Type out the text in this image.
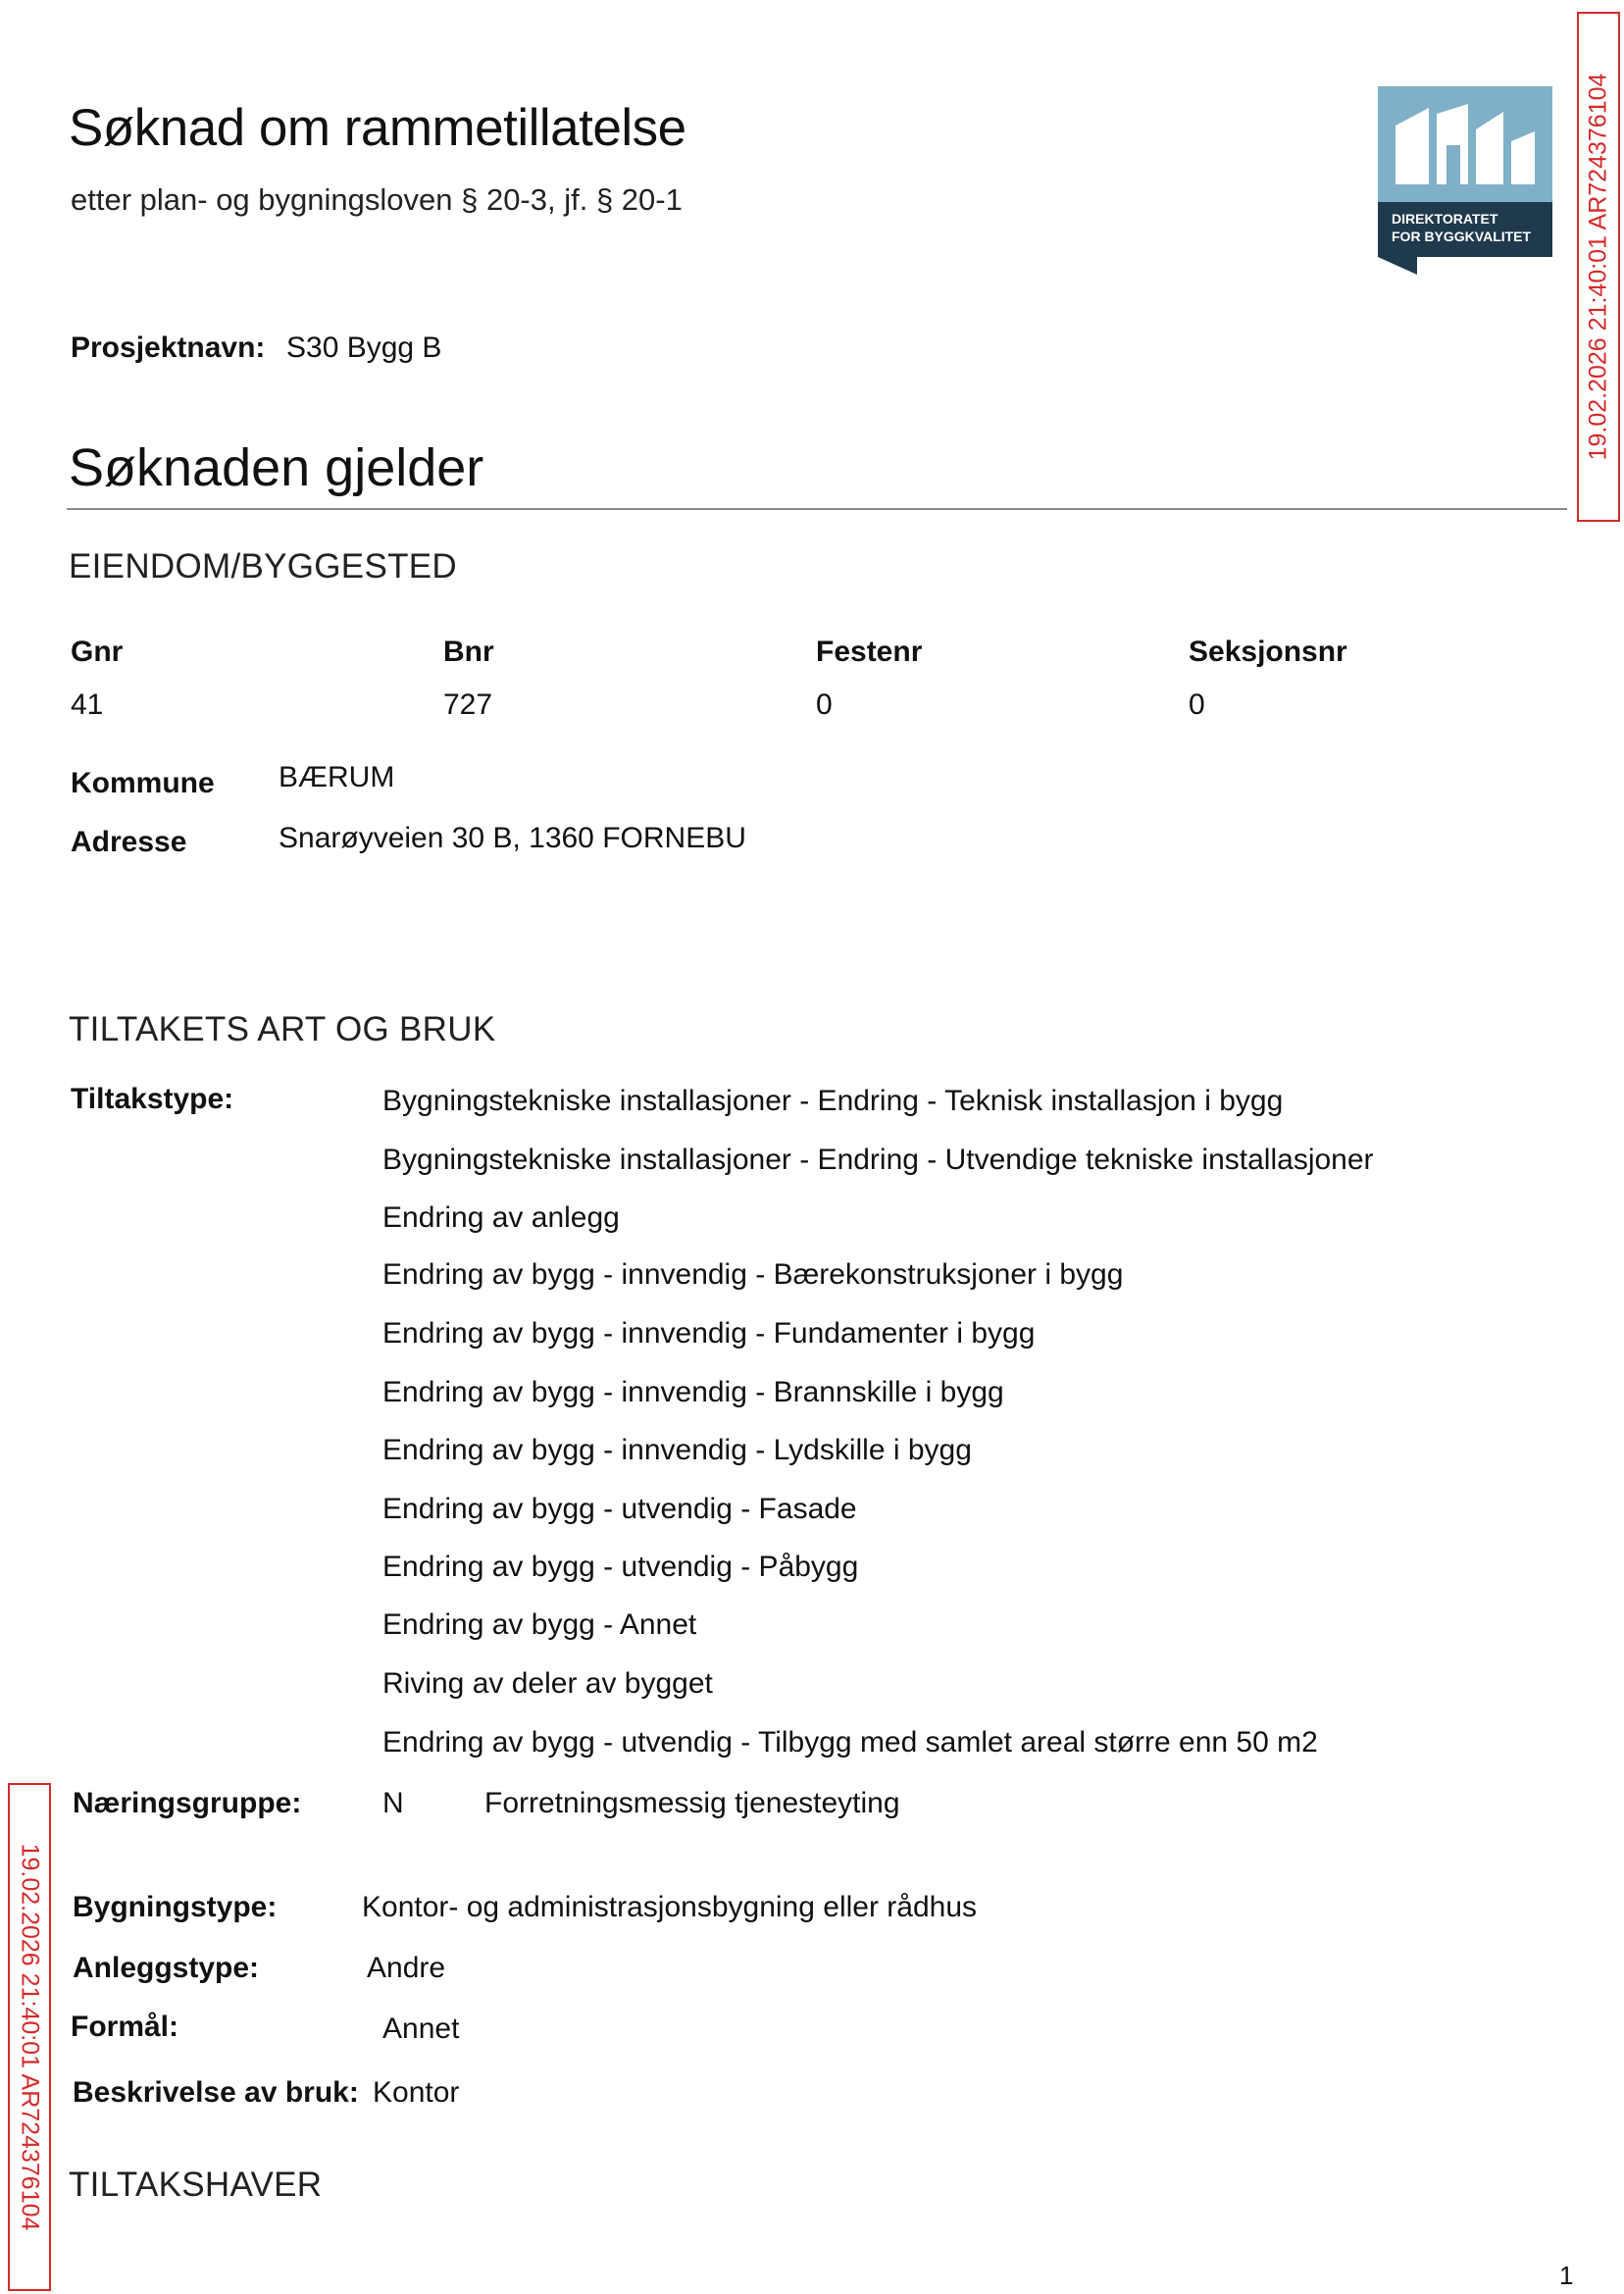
Søknad om rammetillatelse
etter plan- og bygningsloven § 20-3, jf. § 20-1
DIREKTORATET
FOR BYGGKVALITET 19.02.2026 21:40:01 AR724376104
19.02.2026 21:40:01 AR724376104
Prosjektnavn: S30 Bygg B
Søknaden gjelder
EIENDOM/BYGGESTED
Gnr	Bnr	Festenr	Seksjonsnr
41	727	0	0
Kommune BÆRUM
Adresse	Snarøyveien 30 B, 1360 FORNEBU
TILTAKETS ART OG BRUK
Tiltakstype:	Bygningstekniske installasjoner - Endring - Teknisk installasjon i bygg
Bygningstekniske installasjoner - Endring - Utvendige tekniske installasjoner
Endring av anlegg
Endring av bygg - innvendig - Bærekonstruksjoner i bygg
Endring av bygg - innvendig - Fundamenter i bygg
Endring av bygg - innvendig - Brannskille i bygg
Endring av bygg - innvendig - Lydskille i bygg
Endring av bygg - utvendig - Fasade
Endring av bygg - utvendig - Påbygg
Endring av bygg - Annet
Riving av deler av bygget
Endring av bygg - utvendig - Tilbygg med samlet areal større enn 50 m2
Næringsgruppe:	N	Forretningsmessig tjenesteyting
Bygningstype:	Kontor- og administrasjonsbygning eller rådhus
Anleggstype:	Andre
Formål:	Annet
Beskrivelse av bruk: Kontor
TILTAKSHAVER
1
